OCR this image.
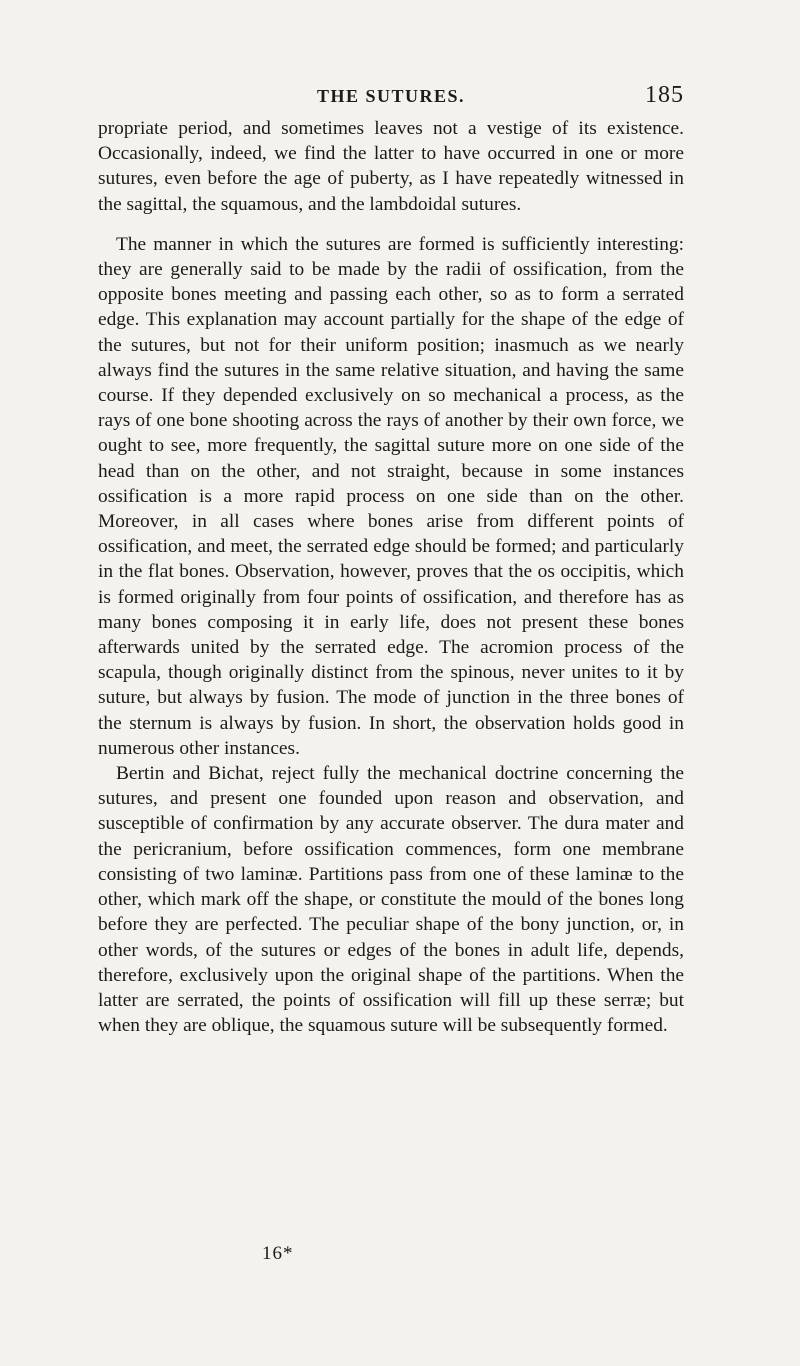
THE SUTURES.	185

propriate period, and sometimes leaves not a vestige of its existence. Occasionally, indeed, we find the latter to have occurred in one or more sutures, even before the age of puberty, as I have repeatedly witnessed in the sagittal, the squamous, and the lambdoidal sutures.

The manner in which the sutures are formed is sufficiently interesting: they are generally said to be made by the radii of ossification, from the opposite bones meeting and passing each other, so as to form a serrated edge. This explanation may account partially for the shape of the edge of the sutures, but not for their uniform position; inasmuch as we nearly always find the sutures in the same relative situation, and having the same course. If they depended exclusively on so mechanical a process, as the rays of one bone shooting across the rays of another by their own force, we ought to see, more frequently, the sagittal suture more on one side of the head than on the other, and not straight, because in some instances ossification is a more rapid process on one side than on the other. Moreover, in all cases where bones arise from different points of ossification, and meet, the serrated edge should be formed; and particularly in the flat bones. Observation, however, proves that the os occipitis, which is formed originally from four points of ossification, and therefore has as many bones composing it in early life, does not present these bones afterwards united by the serrated edge. The acromion process of the scapula, though originally distinct from the spinous, never unites to it by suture, but always by fusion. The mode of junction in the three bones of the sternum is always by fusion. In short, the observation holds good in numerous other instances.

Bertin and Bichat, reject fully the mechanical doctrine concerning the sutures, and present one founded upon reason and observation, and susceptible of confirmation by any accurate observer. The dura mater and the pericranium, before ossification commences, form one membrane consisting of two laminæ. Partitions pass from one of these laminæ to the other, which mark off the shape, or constitute the mould of the bones long before they are perfected. The peculiar shape of the bony junction, or, in other words, of the sutures or edges of the bones in adult life, depends, therefore, exclusively upon the original shape of the partitions. When the latter are serrated, the points of ossification will fill up these serræ; but when they are oblique, the squamous suture will be subsequently formed.

16*
